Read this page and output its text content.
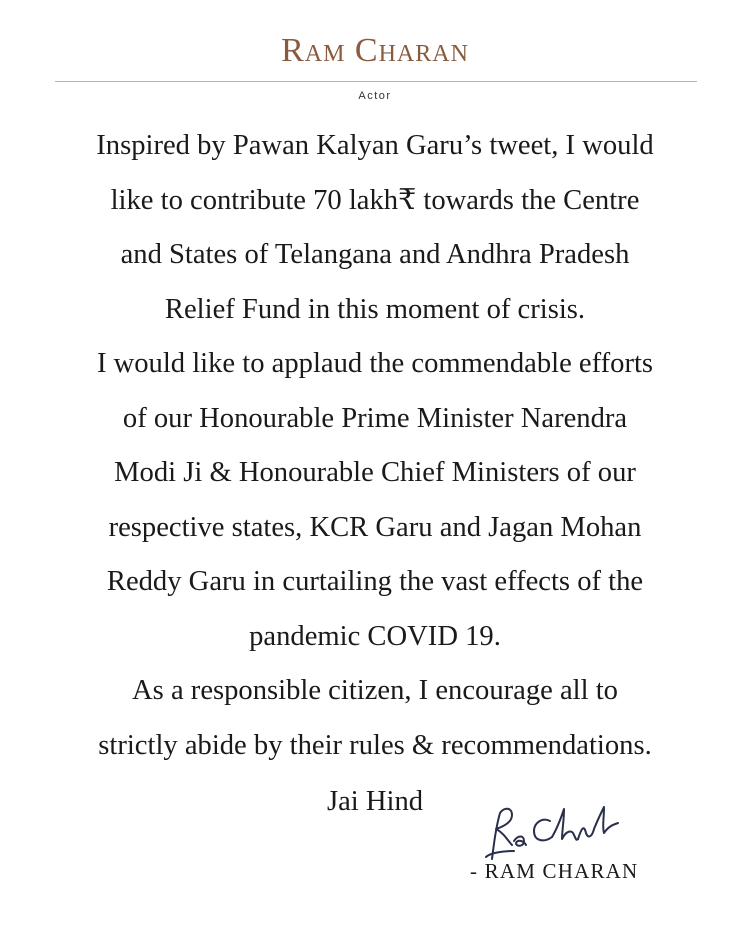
Ram Charan
Actor

Inspired by Pawan Kalyan Garu’s tweet, I would

like to contribute 70 lakh₹ towards the Centre

and States of Telangana and Andhra Pradesh

Relief Fund in this moment of crisis.

I would like to applaud the commendable efforts

of our Honourable Prime Minister Narendra

Modi Ji & Honourable Chief Ministers of our

respective states, KCR Garu and Jagan Mohan

Reddy Garu in curtailing the vast effects of the

pandemic COVID 19.

As a responsible citizen, I encourage all to

strictly abide by their rules & recommendations.

Jai Hind
- RAM CHARAN
